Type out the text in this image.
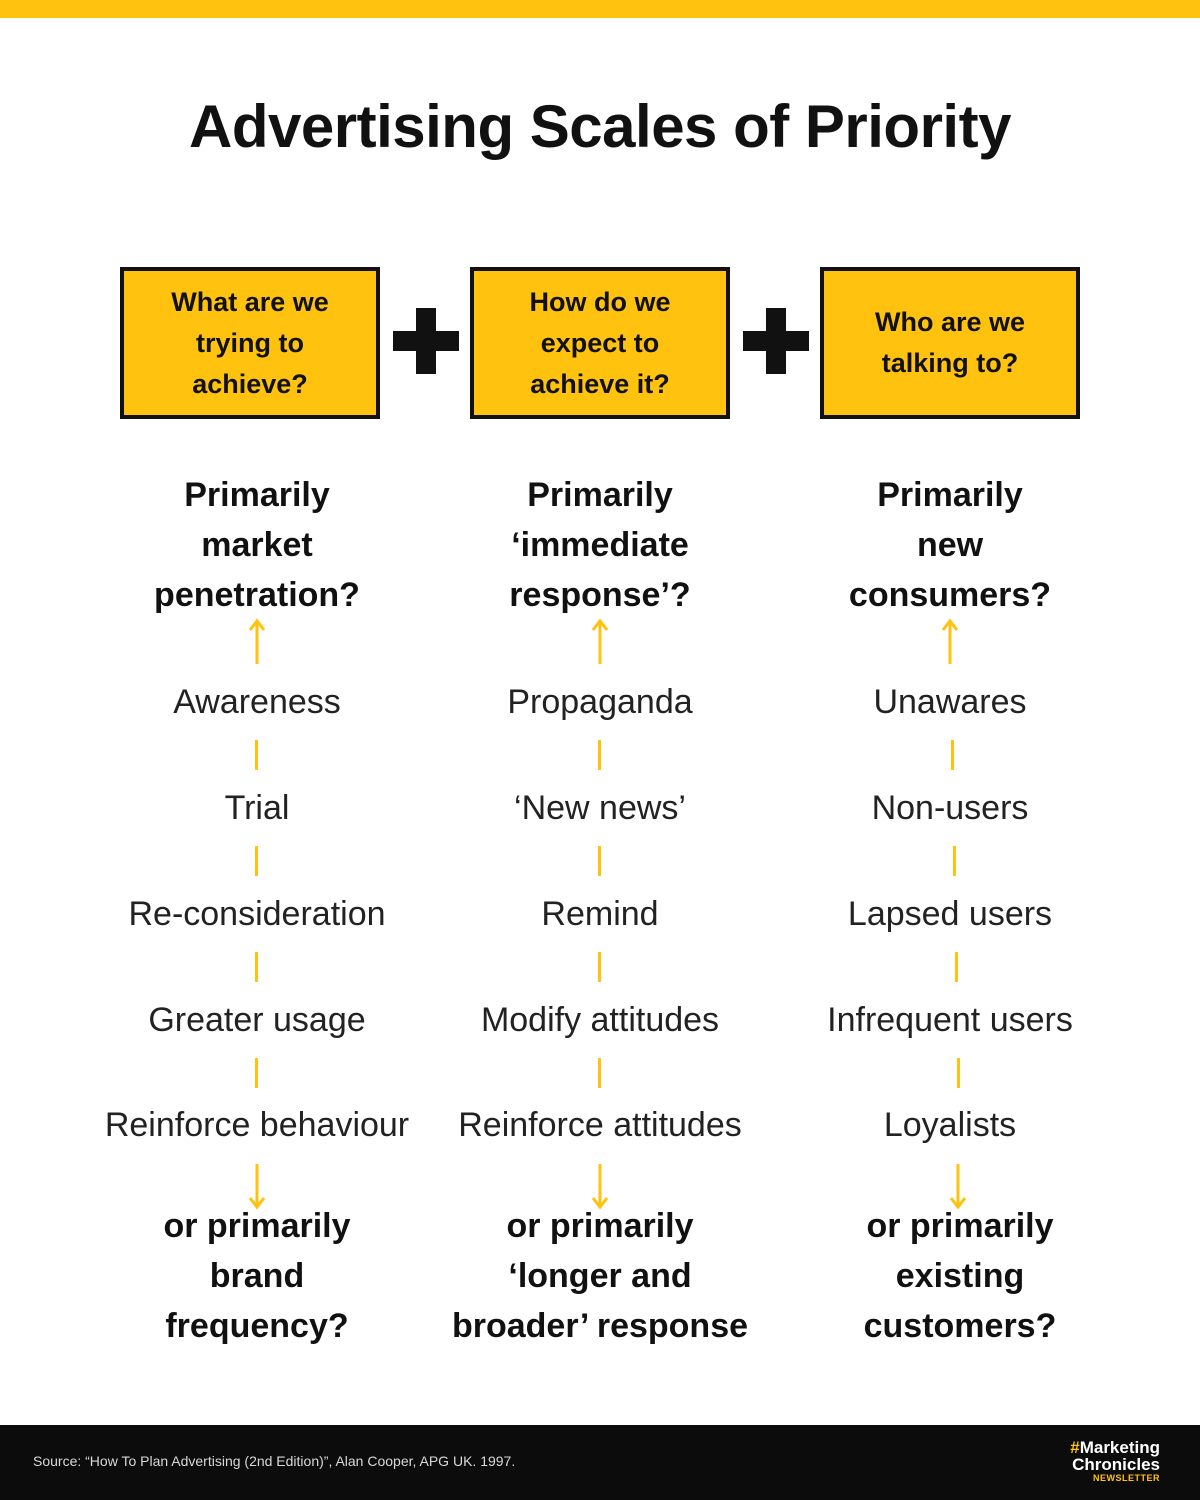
Advertising Scales of Priority
What are we trying to achieve?
How do we expect to achieve it?
Who are we talking to?
Primarily
market
penetration?
Awareness
Trial
Re-consideration
Greater usage
Reinforce behaviour
or primarily
brand
frequency?
Primarily
‘immediate
response’?
Propaganda
‘New news’
Remind
Modify attitudes
Reinforce attitudes
or primarily
‘longer and
broader’ response
Primarily
new
consumers?
Unawares
Non-users
Lapsed users
Infrequent users
Loyalists
or primarily
existing
customers?
Source: “How To Plan Advertising (2nd Edition)”, Alan Cooper, APG UK. 1997.
#Marketing
Chronicles
NEWSLETTER
